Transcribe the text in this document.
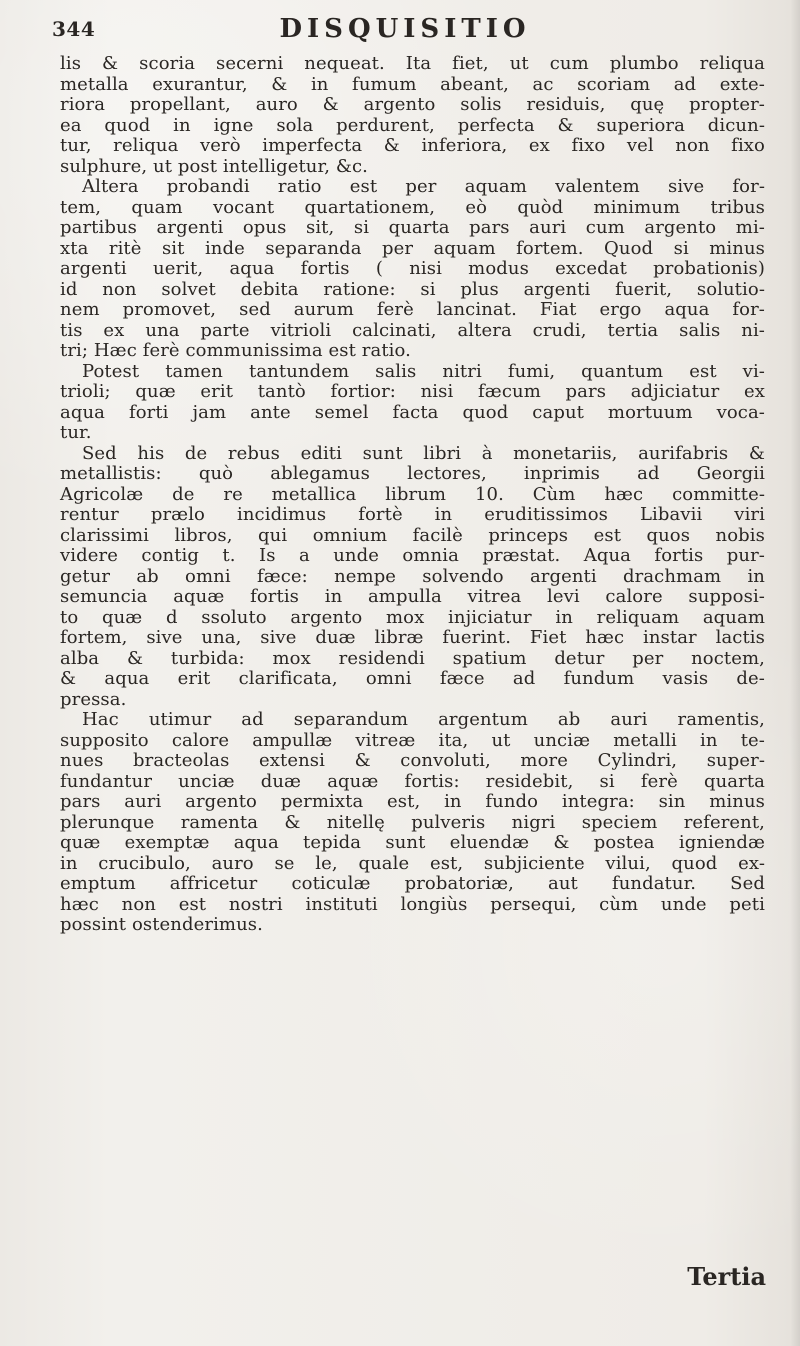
344	DISQUISITIO
lis & scoria secerni nequeat. Ita fiet, ut cum plumbo reliqua
metalla exurantur, & in fumum abeant, ac scoriam ad exte-
riora propellant, auro & argento solis residuis, quę propter-
ea quod in igne sola perdurent, perfecta & superiora dicun-
tur, reliqua verò imperfecta & inferiora, ex fixo vel non fixo
sulphure, ut post intelligetur, &c.
Altera probandi ratio est per aquam valentem sive for-
tem, quam vocant quartationem, eò quòd minimum tribus
partibus argenti opus sit, si quarta pars auri cum argento mi-
xta ritè sit inde separanda per aquam fortem. Quod si minus
argenti uerit, aqua fortis ( nisi modus excedat probationis)
id non solvet debita ratione: si plus argenti fuerit, solutio-
nem promovet, sed aurum ferè lancinat. Fiat ergo aqua for-
tis ex una parte vitrioli calcinati, altera crudi, tertia salis ni-
tri; Hæc ferè communissima est ratio.
Potest tamen tantundem salis nitri fumi, quantum est vi-
trioli; quæ erit tantò fortior: nisi fæcum pars adjiciatur ex
aqua forti jam ante semel facta quod caput mortuum voca-
tur.
Sed his de rebus editi sunt libri à monetariis, aurifabris &
metallistis: quò ablegamus lectores, inprimis ad Georgii
Agricolæ de re metallica librum 10. Cùm hæc committe-
rentur prælo incidimus fortè in eruditissimos Libavii viri
clarissimi libros, qui omnium facilè princeps est quos nobis
videre contig t. Is a unde omnia præstat. Aqua fortis pur-
getur ab omni fæce: nempe solvendo argenti drachmam in
semuncia aquæ fortis in ampulla vitrea levi calore supposi-
to quæ d ssoluto argento mox injiciatur in reliquam aquam
fortem, sive una, sive duæ libræ fuerint. Fiet hæc instar lactis
alba & turbida: mox residendi spatium detur per noctem,
& aqua erit clarificata, omni fæce ad fundum vasis de-
pressa.
Hac utimur ad separandum argentum ab auri ramentis,
supposito calore ampullæ vitreæ ita, ut unciæ metalli in te-
nues bracteolas extensi & convoluti, more Cylindri, super-
fundantur unciæ duæ aquæ fortis: residebit, si ferè quarta
pars auri argento permixta est, in fundo integra: sin minus
plerunque ramenta & nitellę pulveris nigri speciem referent,
quæ exemptæ aqua tepida sunt eluendæ & postea igniendæ
in crucibulo, auro se le, quale est, subjiciente vilui, quod ex-
emptum affricetur coticulæ probatoriæ, aut fundatur. Sed
hæc non est nostri instituti longiùs persequi, cùm unde peti
possint ostenderimus.
Tertia
